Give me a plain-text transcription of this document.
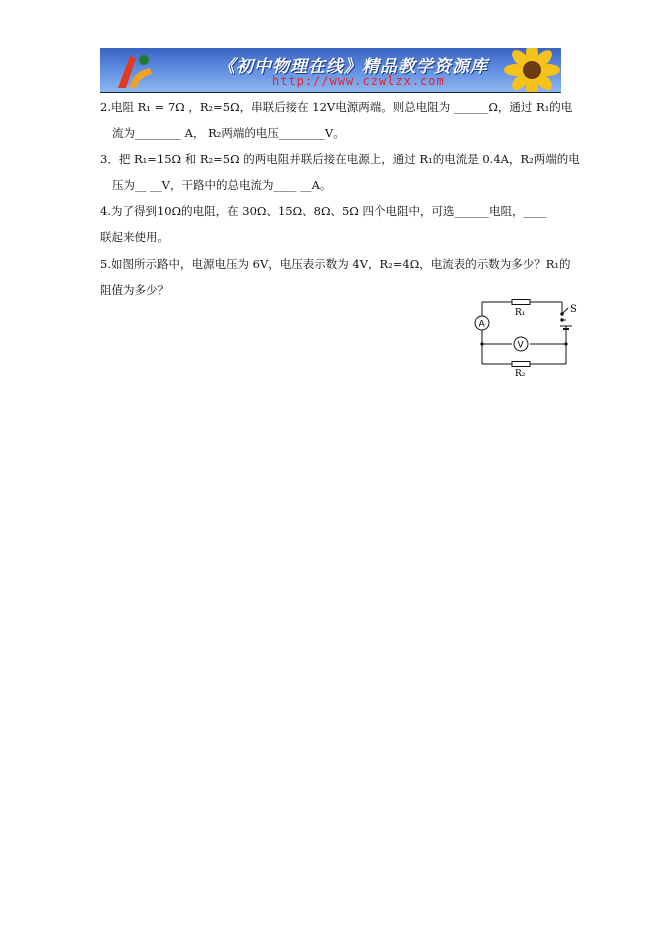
《初中物理在线》精品教学资源库
http://www.czwlzx.com

2.电阻 R₁ = 7Ω ，R₂=5Ω，串联后接在 12V电源两端。则总电阻为 ______Ω，通过 R₁的电

流为________ A， R₂两端的电压________V。

3．把 R₁=15Ω 和 R₂=5Ω 的两电阻并联后接在电源上，通过 R₁的电流是 0.4A，R₂两端的电

压为__ __V，干路中的总电流为____ __A。

4.为了得到10Ω的电阻，在 30Ω、15Ω、8Ω、5Ω 四个电阻中，可选______电阻，____

联起来使用。

5.如图所示路中，电源电压为 6V，电压表示数为 4V，R₂=4Ω，电流表的示数为多少？R₁的

阻值为多少？

R₁
R₂
A
V
S
